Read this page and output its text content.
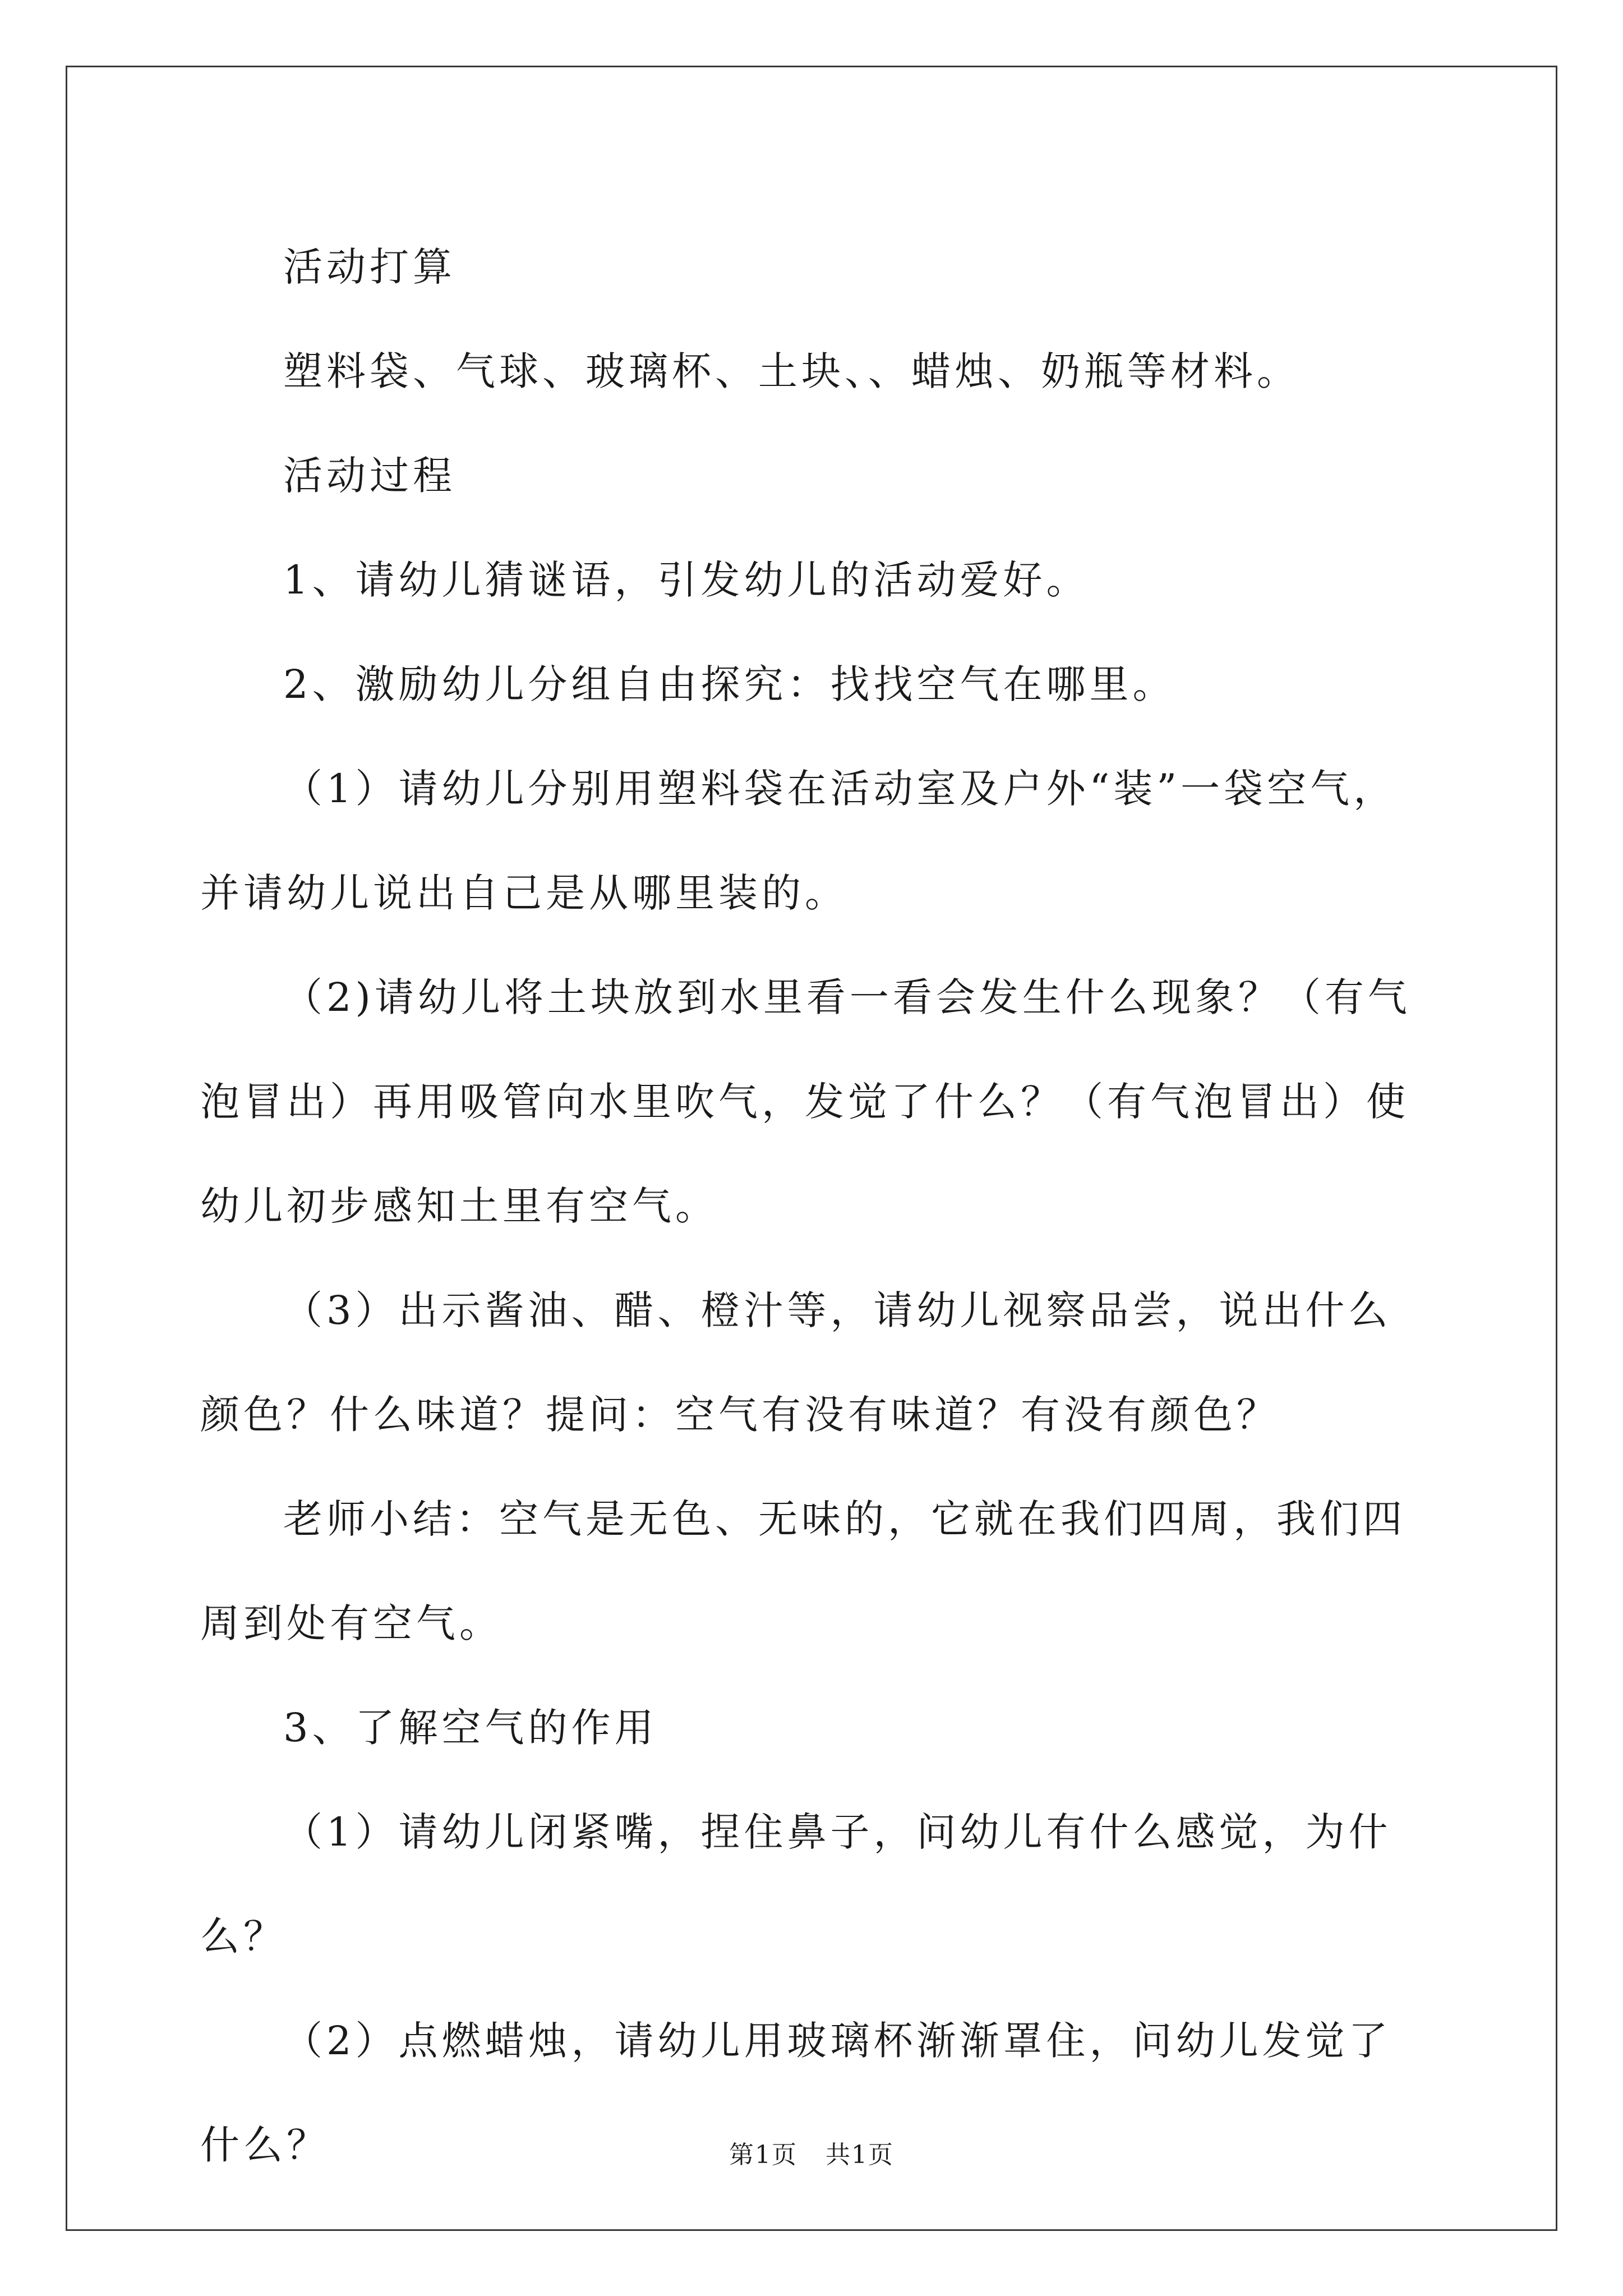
活动打算

塑料袋、气球、玻璃杯、土块、、蜡烛、奶瓶等材料。

活动过程

1、请幼儿猜谜语，引发幼儿的活动爱好。

2、激励幼儿分组自由探究：找找空气在哪里。

（1）请幼儿分别用塑料袋在活动室及户外“装”一袋空气，并请幼儿说出自己是从哪里装的。

（2)请幼儿将土块放到水里看一看会发生什么现象？（有气泡冒出）再用吸管向水里吹气，发觉了什么？（有气泡冒出）使幼儿初步感知土里有空气。

（3）出示酱油、醋、橙汁等，请幼儿视察品尝，说出什么颜色？什么味道？提问：空气有没有味道？有没有颜色？

老师小结：空气是无色、无味的，它就在我们四周，我们四周到处有空气。

3、了解空气的作用

（1）请幼儿闭紧嘴，捏住鼻子，问幼儿有什么感觉，为什么？

（2）点燃蜡烛，请幼儿用玻璃杯渐渐罩住，问幼儿发觉了什么？	第1页 共1页
